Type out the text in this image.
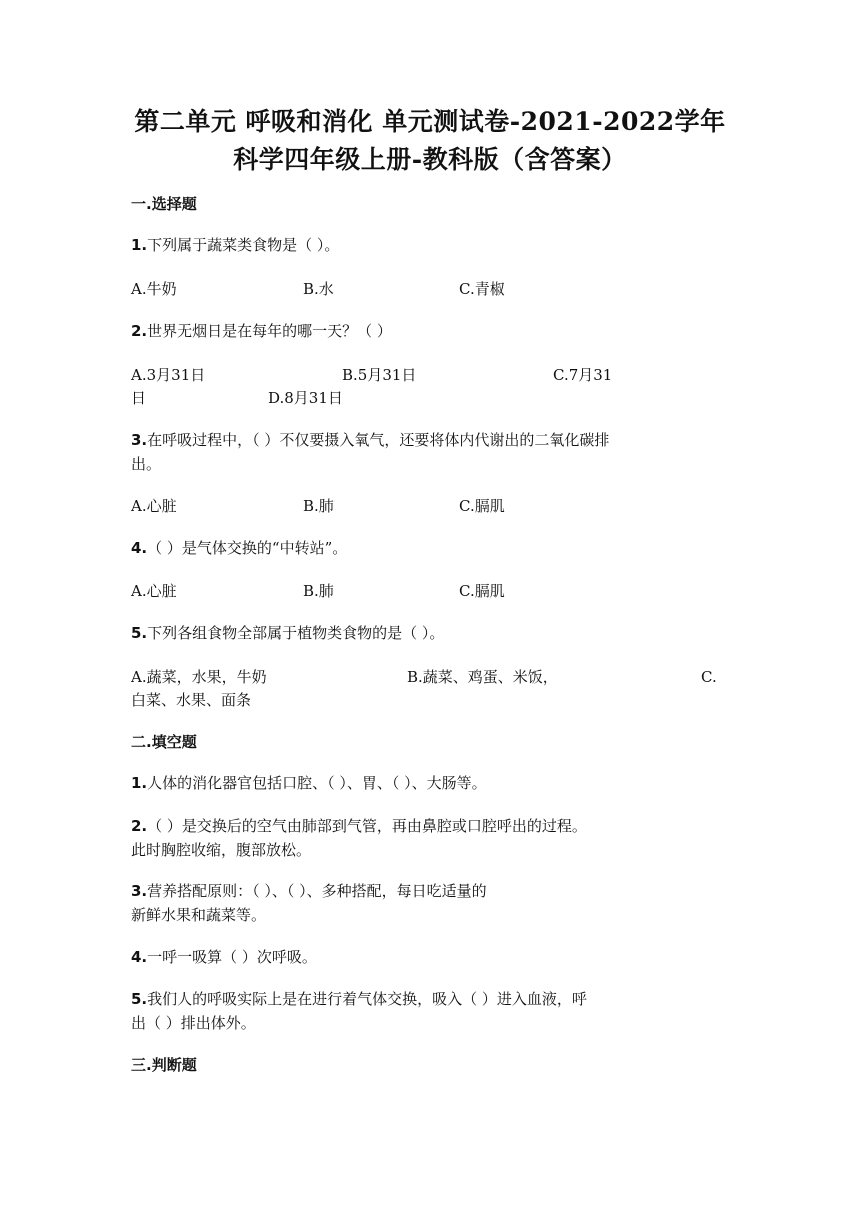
第二单元 呼吸和消化 单元测试卷-2021-2022学年
科学四年级上册-教科版（含答案）
一.选择题
1.下列属于蔬菜类食物是（ ）。
A.牛奶	B.水	C.青椒
2.世界无烟日是在每年的哪一天？（ ）
A.3月31日	B.5月31日	C.7月31
日	D.8月31日
3.在呼吸过程中，（ ）不仅要摄入氧气，还要将体内代谢出的二氧化碳排
出。
A.心脏	B.肺	C.膈肌
4.（ ）是气体交换的“中转站”。
A.心脏	B.肺	C.膈肌
5.下列各组食物全部属于植物类食物的是（ ）。
A.蔬菜，水果，牛奶	B.蔬菜、鸡蛋、米饭，	C.
白菜、水果、面条
二.填空题
1.人体的消化器官包括口腔、（ ）、胃、（ ）、大肠等。
2.（ ）是交换后的空气由肺部到气管，再由鼻腔或口腔呼出的过程。
此时胸腔收缩，腹部放松。
3.营养搭配原则：（ ）、（ ）、多种搭配，每日吃适量的
新鲜水果和蔬菜等。
4.一呼一吸算（ ）次呼吸。
5.我们人的呼吸实际上是在进行着气体交换，吸入（ ）进入血液，呼
出（ ）排出体外。
三.判断题
